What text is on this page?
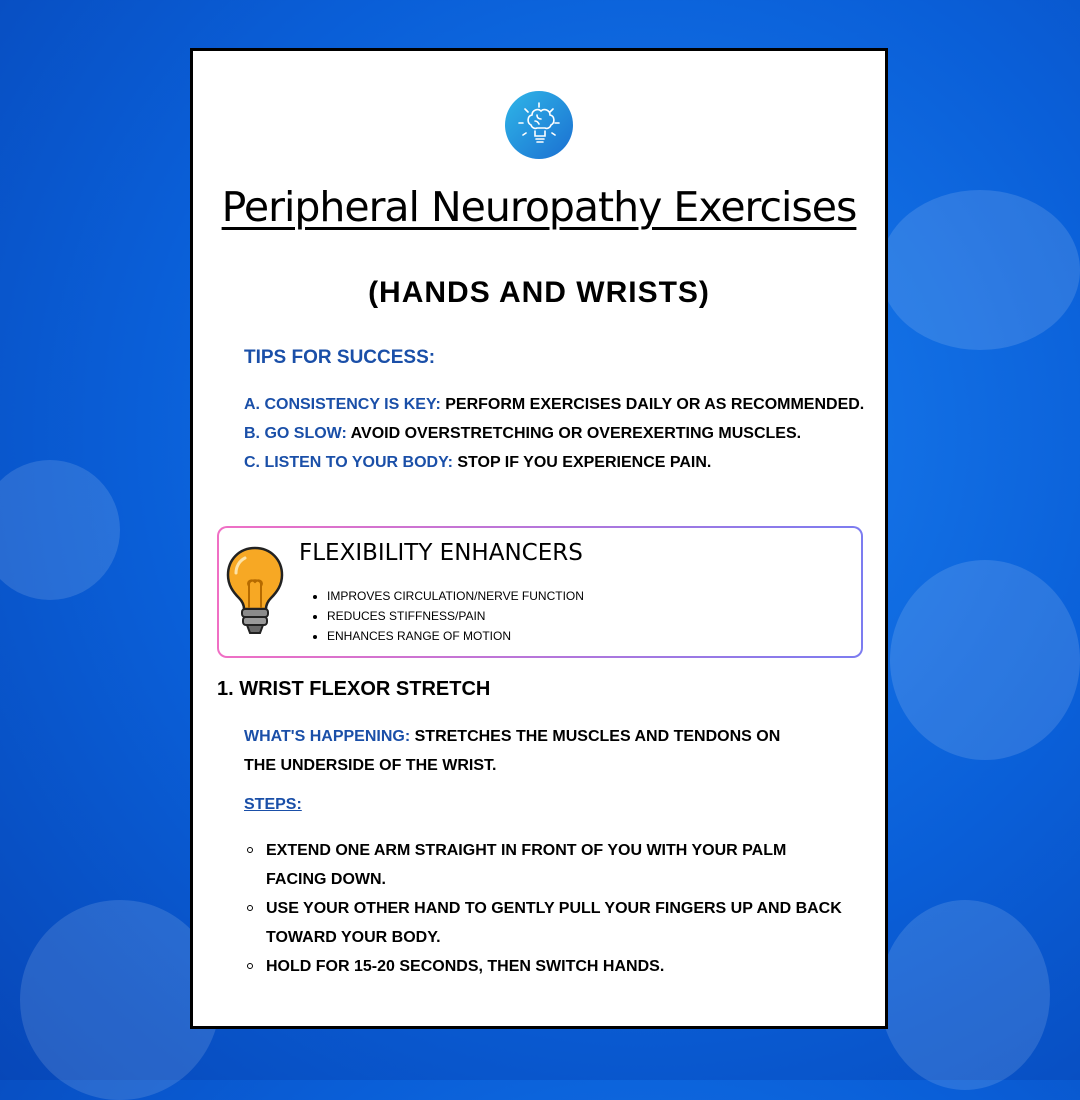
Peripheral Neuropathy Exercises
(HANDS AND WRISTS)
TIPS FOR SUCCESS:
A. CONSISTENCY IS KEY: PERFORM EXERCISES DAILY OR AS RECOMMENDED.
B. GO SLOW: AVOID OVERSTRETCHING OR OVEREXERTING MUSCLES.
C. LISTEN TO YOUR BODY: STOP IF YOU EXPERIENCE PAIN.
FLEXIBILITY ENHANCERS
• IMPROVES CIRCULATION/NERVE FUNCTION
• REDUCES STIFFNESS/PAIN
• ENHANCES RANGE OF MOTION
1. WRIST FLEXOR STRETCH
WHAT'S HAPPENING: STRETCHES THE MUSCLES AND TENDONS ON THE UNDERSIDE OF THE WRIST.
STEPS:
EXTEND ONE ARM STRAIGHT IN FRONT OF YOU WITH YOUR PALM FACING DOWN.
USE YOUR OTHER HAND TO GENTLY PULL YOUR FINGERS UP AND BACK TOWARD YOUR BODY.
HOLD FOR 15-20 SECONDS, THEN SWITCH HANDS.
